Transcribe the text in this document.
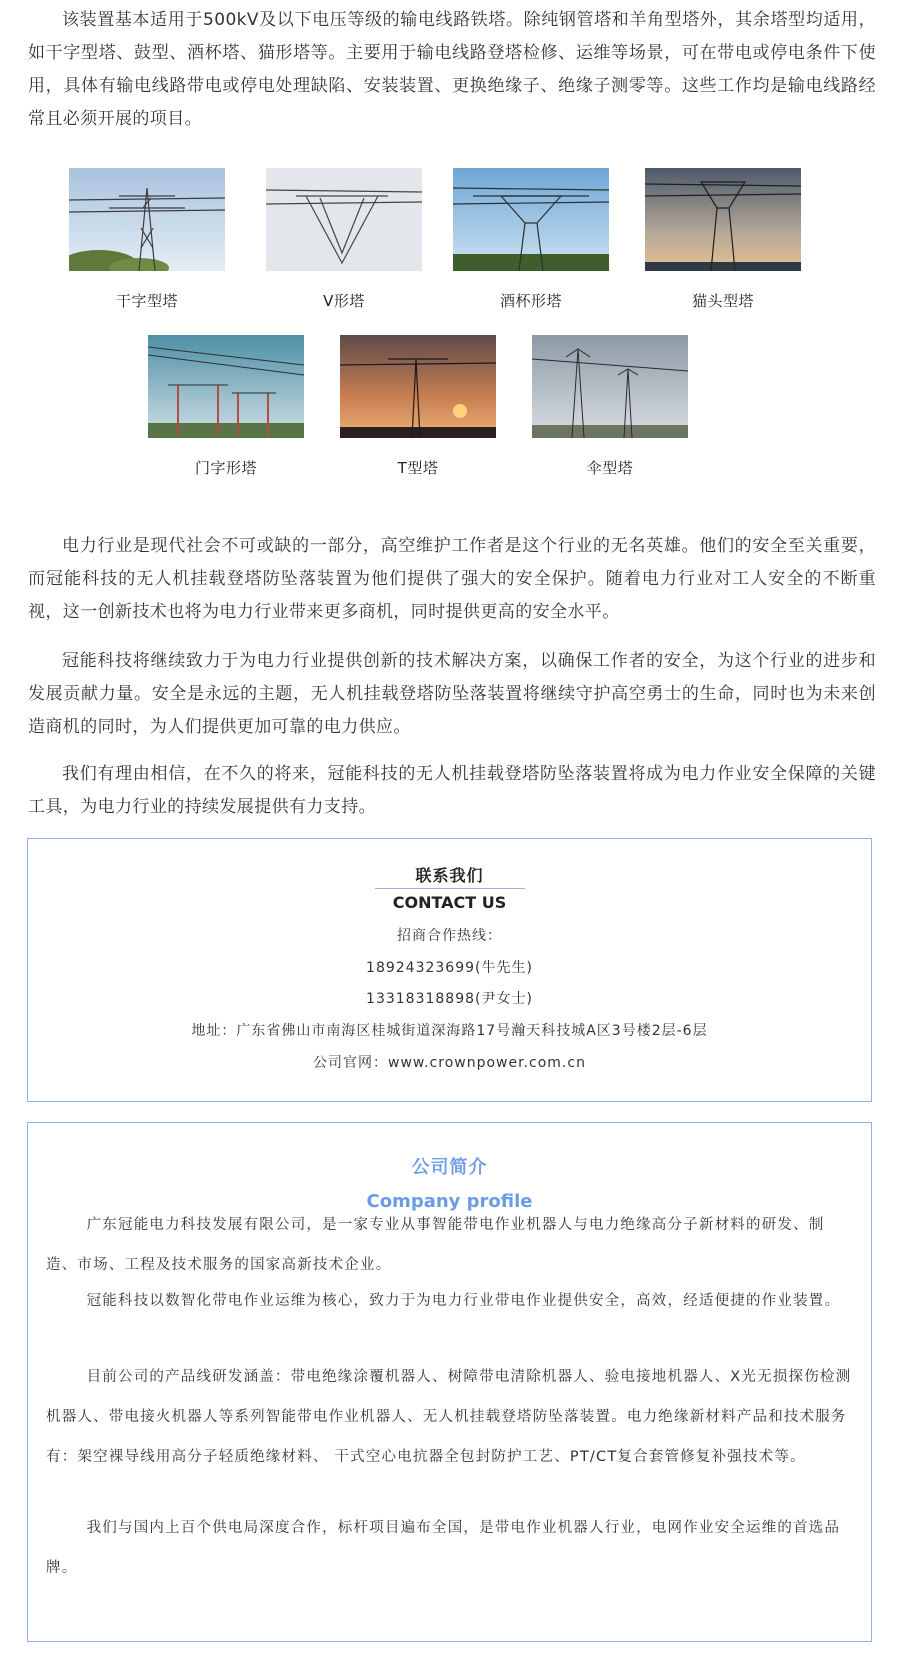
该装置基本适用于500kV及以下电压等级的输电线路铁塔。除纯钢管塔和羊角型塔外，其余塔型均适用，如干字型塔、鼓型、酒杯塔、猫形塔等。主要用于输电线路登塔检修、运维等场景，可在带电或停电条件下使用，具体有输电线路带电或停电处理缺陷、安装装置、更换绝缘子、绝缘子测零等。这些工作均是输电线路经常且必须开展的项目。

干字型塔	V形塔	酒杯形塔	猫头型塔
门字形塔	T型塔	伞型塔

电力行业是现代社会不可或缺的一部分，高空维护工作者是这个行业的无名英雄。他们的安全至关重要，而冠能科技的无人机挂载登塔防坠落装置为他们提供了强大的安全保护。随着电力行业对工人安全的不断重视，这一创新技术也将为电力行业带来更多商机，同时提供更高的安全水平。

冠能科技将继续致力于为电力行业提供创新的技术解决方案，以确保工作者的安全，为这个行业的进步和发展贡献力量。安全是永远的主题，无人机挂载登塔防坠落装置将继续守护高空勇士的生命，同时也为未来创造商机的同时，为人们提供更加可靠的电力供应。

我们有理由相信，在不久的将来，冠能科技的无人机挂载登塔防坠落装置将成为电力作业安全保障的关键工具，为电力行业的持续发展提供有力支持。

联系我们
CONTACT US
招商合作热线：
18924323699(牛先生)
13318318898(尹女士)
地址：广东省佛山市南海区桂城街道深海路17号瀚天科技城A区3号楼2层-6层
公司官网：www.crownpower.com.cn
公司简介
Company profile

广东冠能电力科技发展有限公司，是一家专业从事智能带电作业机器人与电力绝缘高分子新材料的研发、制造、市场、工程及技术服务的国家高新技术企业。

冠能科技以数智化带电作业运维为核心，致力于为电力行业带电作业提供安全，高效，经适便捷的作业装置。

目前公司的产品线研发涵盖：带电绝缘涂覆机器人、树障带电清除机器人、验电接地机器人、X光无损探伤检测机器人、带电接火机器人等系列智能带电作业机器人、无人机挂载登塔防坠落装置。电力绝缘新材料产品和技术服务有：架空裸导线用高分子轻质绝缘材料、 干式空心电抗器全包封防护工艺、PT/CT复合套管修复补强技术等。

我们与国内上百个供电局深度合作，标杆项目遍布全国，是带电作业机器人行业，电网作业安全运维的首选品牌。
